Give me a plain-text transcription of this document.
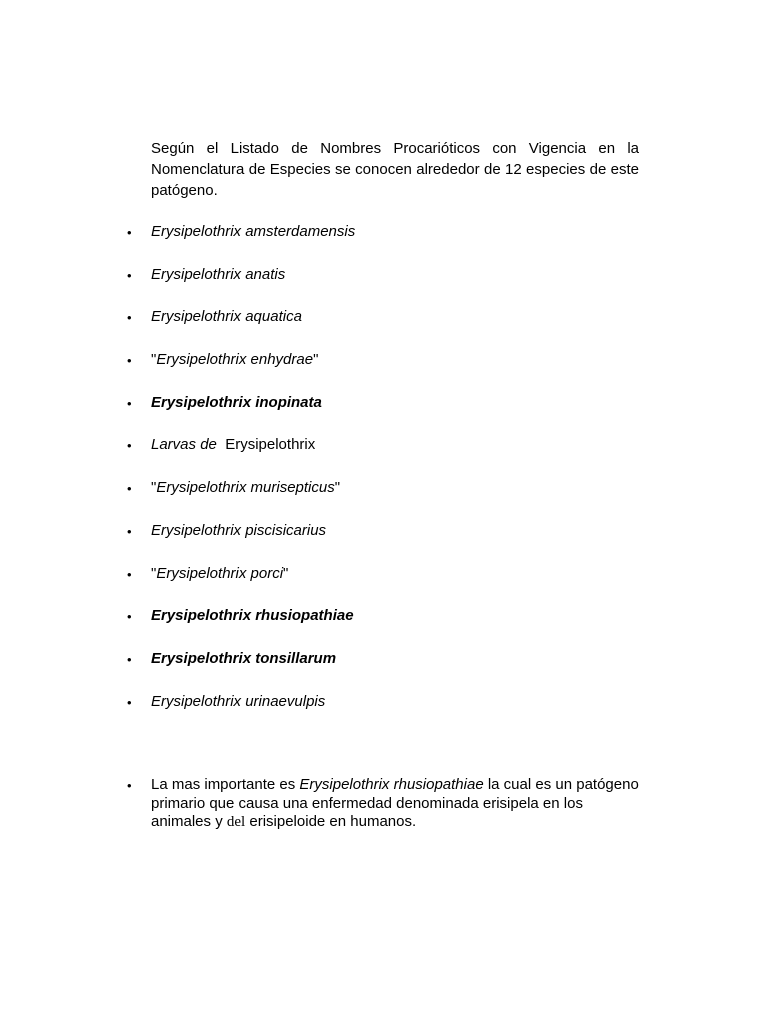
Según el Listado de Nombres Procarióticos con Vigencia en la Nomenclatura de Especies se conocen alrededor de 12 especies de este patógeno.

•	Erysipelothrix amsterdamensis
•	Erysipelothrix anatis
•	Erysipelothrix aquatica
•	"Erysipelothrix enhydrae"
•	Erysipelothrix inopinata
•	Larvas de  Erysipelothrix
•	"Erysipelothrix murisepticus"
•	Erysipelothrix piscisicarius
•	"Erysipelothrix porci"
•	Erysipelothrix rhusiopathiae
•	Erysipelothrix tonsillarum
•	Erysipelothrix urinaevulpis
•	La mas importante es Erysipelothrix rhusiopathiae la cual es un patógeno primario que causa una enfermedad denominada erisipela en los animales y del erisipeloide en humanos.
